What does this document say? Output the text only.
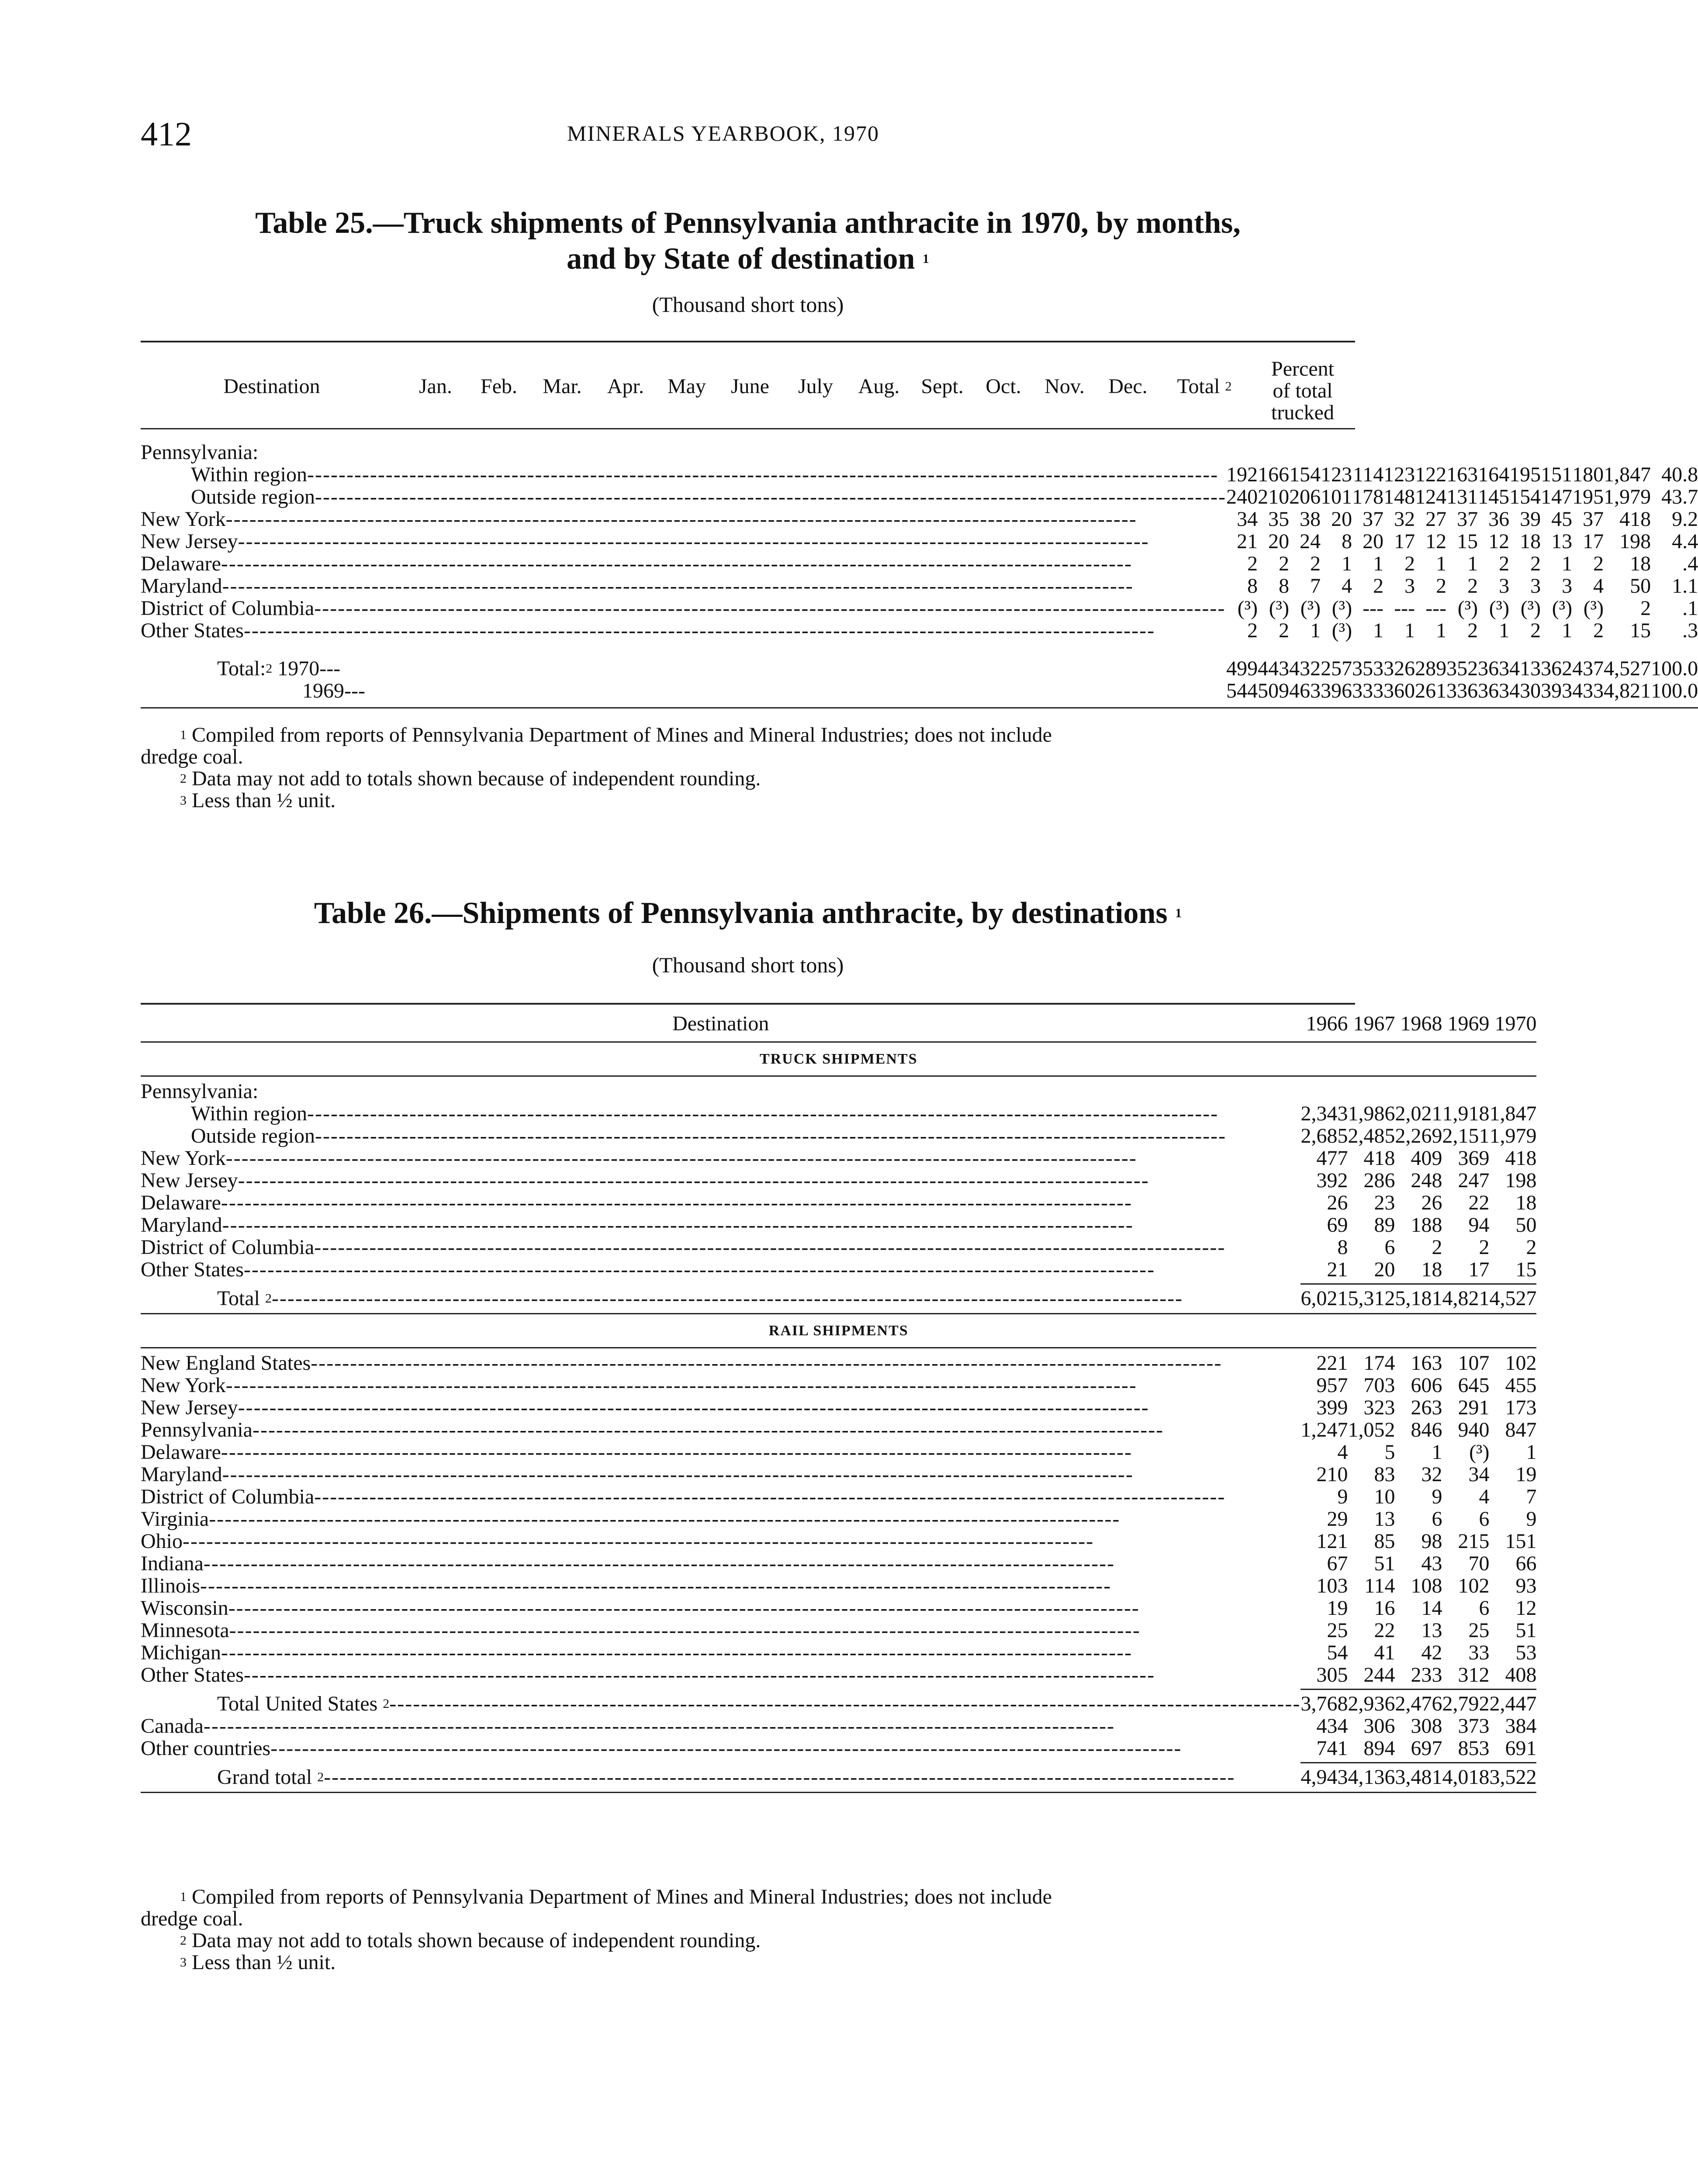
412	MINERALS YEARBOOK, 1970
Table 25.—Truck shipments of Pennsylvania anthracite in 1970, by months,
and by State of destination $^1$
(Thousand short tons)
Destination	Jan.	Feb.	Mar.	Apr.	May	June	July	Aug.	Sept.	Oct.	Nov.	Dec.	Total $^2$	
Percent
of total
trucked
Pennsylvania:														

Within region -----	192	166	154	123	114	123	122	163	164	195	151	180	1,847	40.8

Outside region -----	240	210	206	101	178	148	124	131	145	154	147	195	1,979	43.7

New York -----	34	35	38	20	37	32	27	37	36	39	45	37	418	9.2

New Jersey -----	21	20	24	8	20	17	12	15	12	18	13	17	198	4.4

Delaware -----	2	2	2	1	1	2	1	1	2	2	1	2	18	.4

Maryland -----	8	8	7	4	2	3	2	2	3	3	3	4	50	1.1

District of Columbia -----	(³)	(³)	(³)	(³)	---	---	---	(³)	(³)	(³)	(³)	(³)	2	.1

Other States -----	2	2	1	(³)	1	1	1	2	1	2	1	2	15	.3

Total:$^2$ 1970---	499	443	432	257	353	326	289	352	363	413	362	437	4,527	100.0
1969---	544	509	463	396	333	360	261	336	363	430	393	433	4,821	100.0

$^1$ Compiled from reports of Pennsylvania Department of Mines and Mineral Industries; does not include
dredge coal.
$^2$ Data may not add to totals shown because of independent rounding.
$^3$ Less than ½ unit.
Table 26.—Shipments of Pennsylvania anthracite, by destinations $^1$
(Thousand short tons)
Destination	1966	1967	1968	1969	1970

TRUCK SHIPMENTS					

Pennsylvania:					

Within region -----	2,343	1,986	2,021	1,918	1,847

Outside region -----	2,685	2,485	2,269	2,151	1,979

New York -----	477	418	409	369	418

New Jersey -----	392	286	248	247	198

Delaware -----	26	23	26	22	18

Maryland -----	69	89	188	94	50

District of Columbia -----	8	6	2	2	2

Other States -----	21	20	18	17	15

Total $^2$ -----	6,021	5,312	5,181	4,821	4,527

RAIL SHIPMENTS					

New England States -----	221	174	163	107	102

New York -----	957	703	606	645	455

New Jersey -----	399	323	263	291	173

Pennsylvania -----	1,247	1,052	846	940	847

Delaware -----	4	5	1	(³)	1

Maryland -----	210	83	32	34	19

District of Columbia -----	9	10	9	4	7

Virginia -----	29	13	6	6	9

Ohio -----	121	85	98	215	151

Indiana -----	67	51	43	70	66

Illinois -----	103	114	108	102	93

Wisconsin -----	19	16	14	6	12

Minnesota -----	25	22	13	25	51

Michigan -----	54	41	42	33	53

Other States -----	305	244	233	312	408

Total United States $^2$ -----	3,768	2,936	2,476	2,792	2,447

Canada -----	434	306	308	373	384

Other countries -----	741	894	697	853	691

Grand total $^2$ -----	4,943	4,136	3,481	4,018	3,522

$^1$ Compiled from reports of Pennsylvania Department of Mines and Mineral Industries; does not include
dredge coal.
$^2$ Data may not add to totals shown because of independent rounding.
$^3$ Less than ½ unit.
